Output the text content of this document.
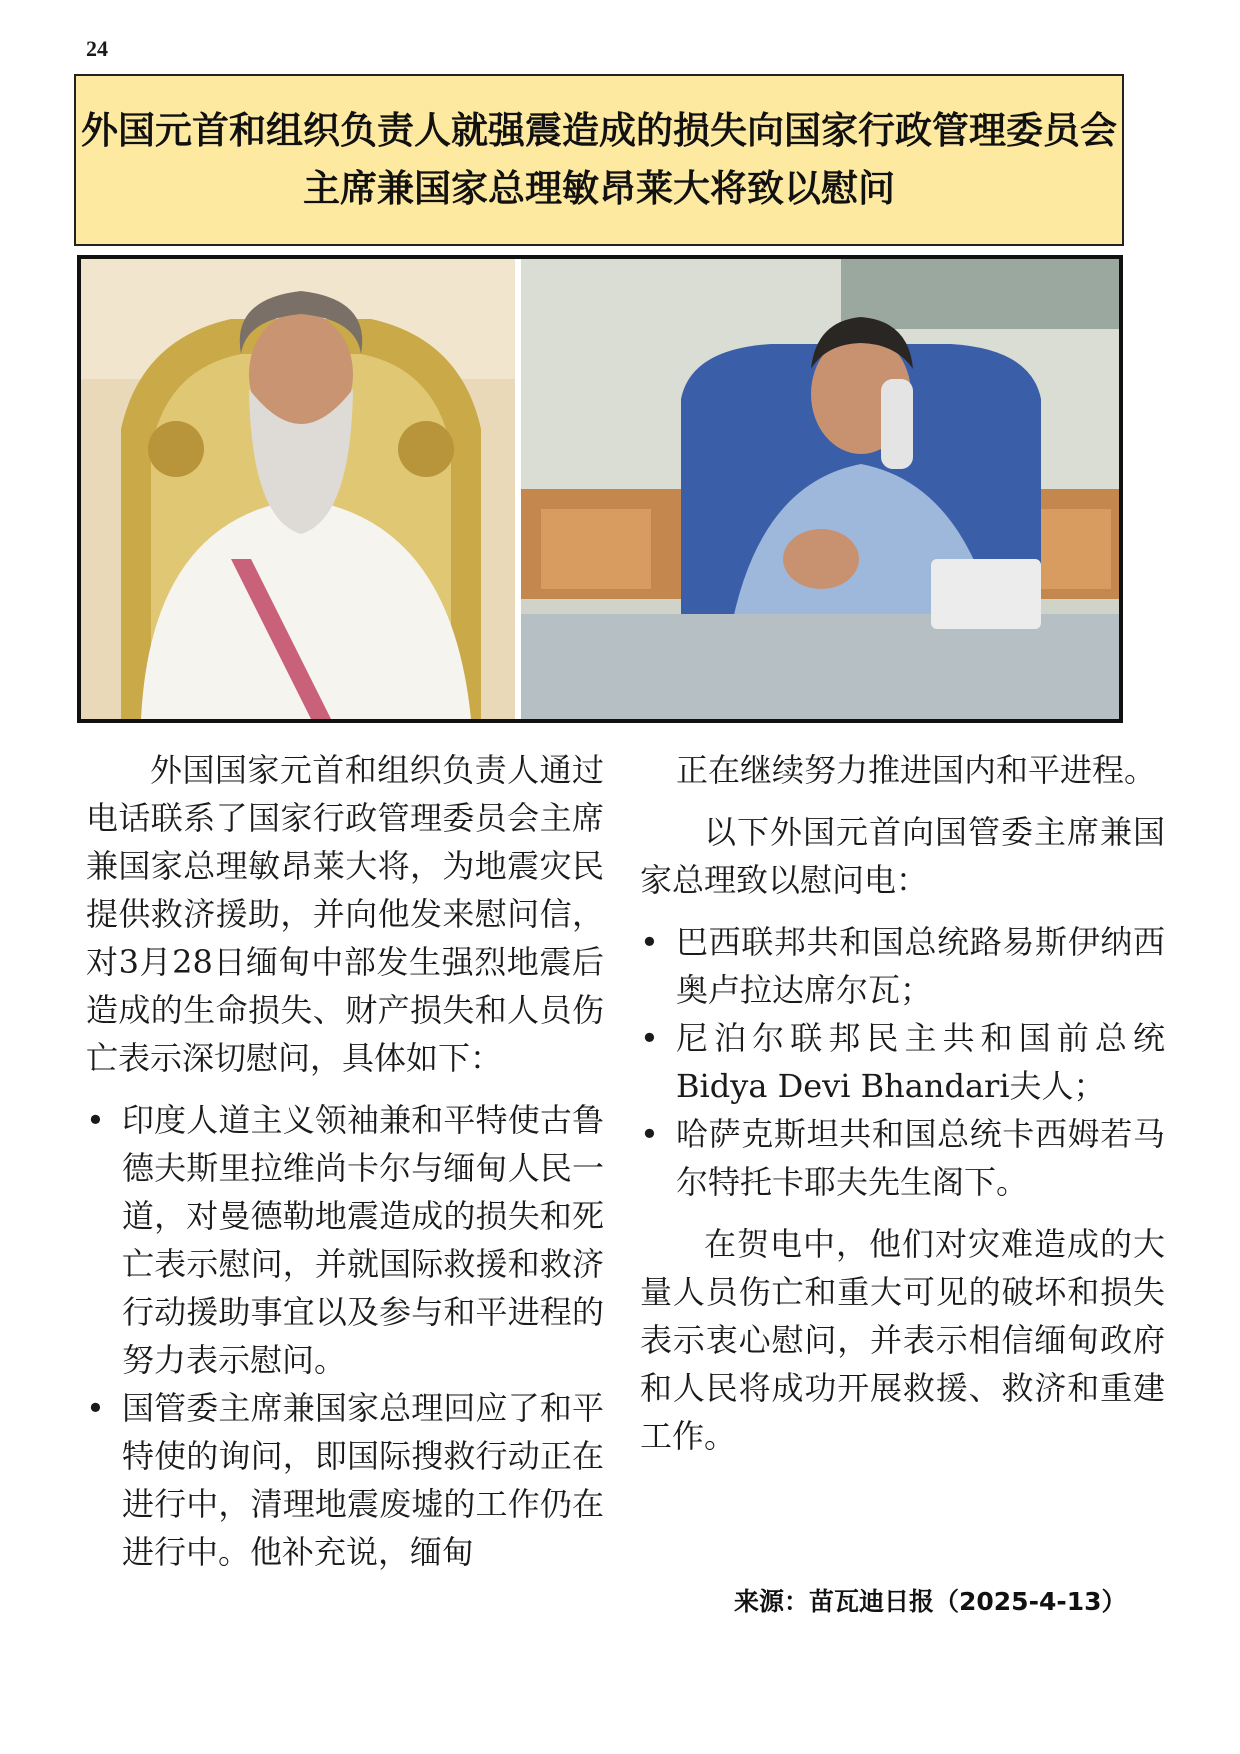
24
外国元首和组织负责人就强震造成的损失向国家行政管理委员会
主席兼国家总理敏昂莱大将致以慰问

外国国家元首和组织负责人通过电话联系了国家行政管理委员会主席兼国家总理敏昂莱大将，为地震灾民提供救济援助，并向他发来慰问信，对3月28日缅甸中部发生强烈地震后造成的生命损失、财产损失和人员伤亡表示深切慰问，具体如下：

• 印度人道主义领袖兼和平特使古鲁德夫斯里拉维尚卡尔与缅甸人民一道，对曼德勒地震造成的损失和死亡表示慰问，并就国际救援和救济行动援助事宜以及参与和平进程的努力表示慰问。
• 国管委主席兼国家总理回应了和平特使的询问，即国际搜救行动正在进行中，清理地震废墟的工作仍在进行中。他补充说，缅甸

正在继续努力推进国内和平进程。

以下外国元首向国管委主席兼国家总理致以慰问电：

• 巴西联邦共和国总统路易斯伊纳西奥卢拉达席尔瓦；
• 尼泊尔联邦民主共和国前总统Bidya Devi Bhandari夫人；
• 哈萨克斯坦共和国总统卡西姆若马尔特托卡耶夫先生阁下。

在贺电中，他们对灾难造成的大量人员伤亡和重大可见的破坏和损失表示衷心慰问，并表示相信缅甸政府和人民将成功开展救援、救济和重建工作。

来源：苗瓦迪日报（2025-4-13）
